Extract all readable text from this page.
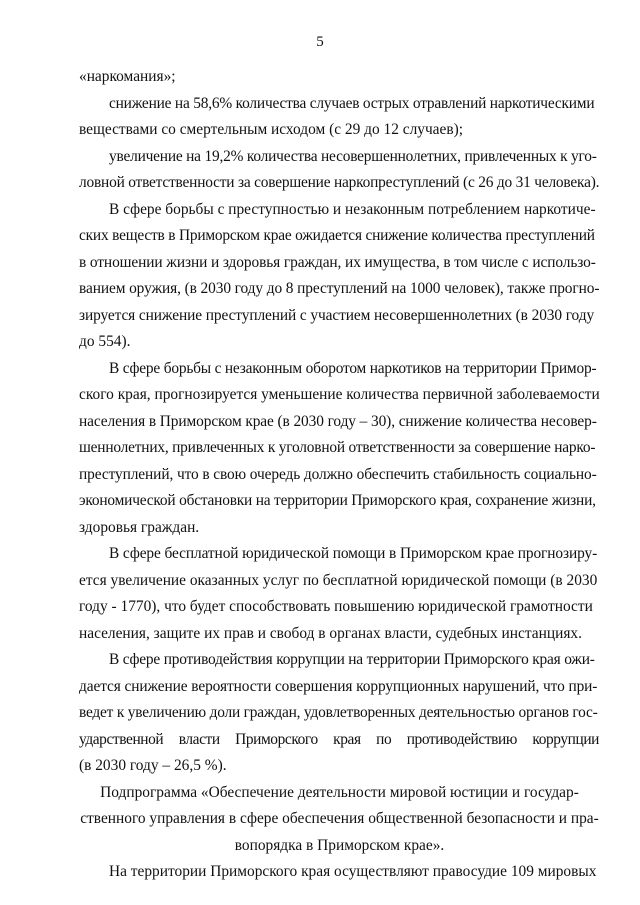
5

«наркомания»;

снижение на 58,6% количества случаев острых отравлений наркотическими

веществами со смертельным исходом (с 29 до 12 случаев);

увеличение на 19,2% количества несовершеннолетних, привлеченных к уго-

ловной ответственности за совершение наркопреступлений (с 26 до 31 человека).

В сфере борьбы с преступностью и незаконным потреблением наркотиче-

ских веществ в Приморском крае ожидается снижение количества преступлений

в отношении жизни и здоровья граждан, их имущества, в том числе с использо-

ванием оружия, (в 2030 году до 8 преступлений на 1000 человек), также прогно-

зируется снижение преступлений с участием несовершеннолетних (в 2030 году

до 554).

В сфере борьбы с незаконным оборотом наркотиков на территории Примор-

ского края, прогнозируется уменьшение количества первичной заболеваемости

населения в Приморском крае (в 2030 году – 30), снижение количества несовер-

шеннолетних, привлеченных к уголовной ответственности за совершение нарко-

преступлений, что в свою очередь должно обеспечить стабильность социально-

экономической обстановки на территории Приморского края, сохранение жизни,

здоровья граждан.

В сфере бесплатной юридической помощи в Приморском крае прогнозиру-

ется увеличение оказанных услуг по бесплатной юридической помощи (в 2030

году - 1770), что будет способствовать повышению юридической грамотности

населения, защите их прав и свобод в органах власти, судебных инстанциях.

В сфере противодействия коррупции на территории Приморского края ожи-

дается снижение вероятности совершения коррупционных нарушений, что при-

ведет к увеличению доли граждан, удовлетворенных деятельностью органов гос-

ударственной власти Приморского края по противодействию коррупции

(в 2030 году – 26,5 %).

Подпрограмма «Обеспечение деятельности мировой юстиции и государ-

ственного управления в сфере обеспечения общественной безопасности и пра-

вопорядка в Приморском крае».

На территории Приморского края осуществляют правосудие 109 мировых
